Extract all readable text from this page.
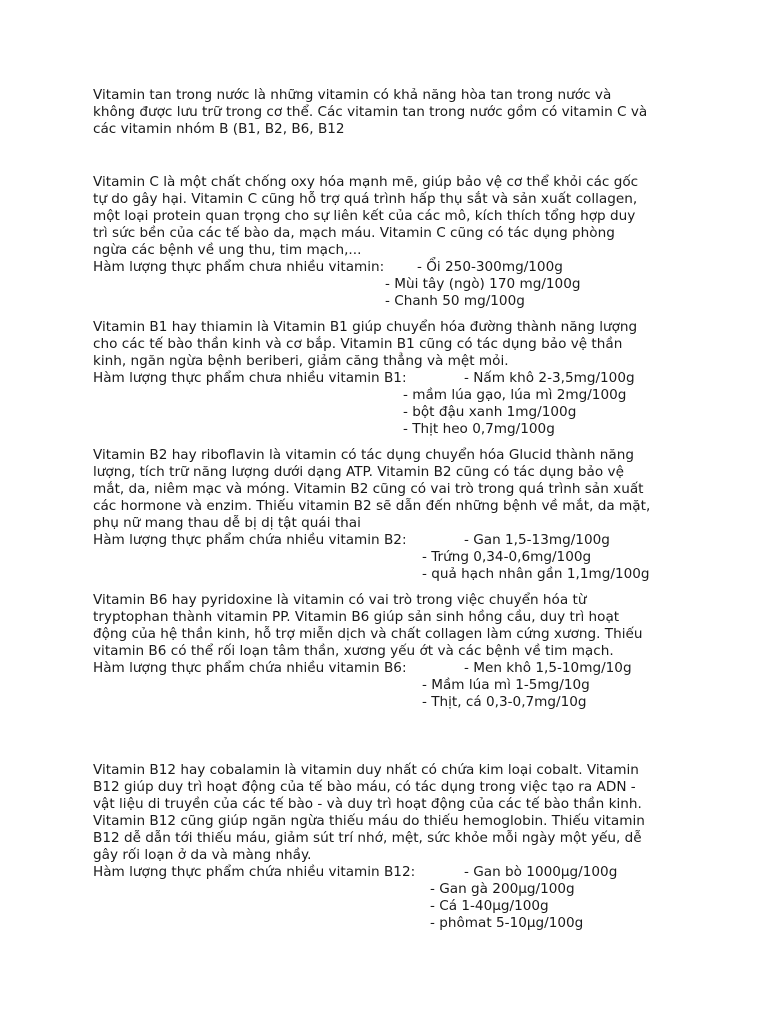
Vitamin tan trong nước là những vitamin có khả năng hòa tan trong nước và

không được lưu trữ trong cơ thể. Các vitamin tan trong nước gồm có vitamin C và

các vitamin nhóm B (B1, B2, B6, B12

Vitamin C là một chất chống oxy hóa mạnh mẽ, giúp bảo vệ cơ thể khỏi các gốc

tự do gây hại. Vitamin C cũng hỗ trợ quá trình hấp thụ sắt và sản xuất collagen,

một loại protein quan trọng cho sự liên kết của các mô, kích thích tổng hợp duy

trì sức bền của các tế bào da, mạch máu. Vitamin C cũng có tác dụng phòng

ngừa các bệnh về ung thu, tim mạch,...

Hàm lượng thực phẩm chưa nhiều vitamin: - Ổi 250-300mg/100g
- Mùi tây (ngò) 170 mg/100g
- Chanh 50 mg/100g

Vitamin B1 hay thiamin là Vitamin B1 giúp chuyển hóa đường thành năng lượng

cho các tế bào thần kinh và cơ bắp. Vitamin B1 cũng có tác dụng bảo vệ thần

kinh, ngăn ngừa bệnh beriberi, giảm căng thẳng và mệt mỏi.

Hàm lượng thực phẩm chưa nhiều vitamin B1:	- Nấm khô 2-3,5mg/100g
- mầm lúa gạo, lúa mì 2mg/100g
- bột đậu xanh 1mg/100g
- Thịt heo 0,7mg/100g

Vitamin B2 hay riboflavin là vitamin có tác dụng chuyển hóa Glucid thành năng

lượng, tích trữ năng lượng dưới dạng ATP. Vitamin B2 cũng có tác dụng bảo vệ

mắt, da, niêm mạc và móng. Vitamin B2 cũng có vai trò trong quá trình sản xuất

các hormone và enzim. Thiếu vitamin B2 sẽ dẫn đến những bệnh về mắt, da mặt,

phụ nữ mang thau dễ bị dị tật quái thai

Hàm lượng thực phẩm chứa nhiều vitamin B2:	- Gan 1,5-13mg/100g
- Trứng 0,34-0,6mg/100g
- quả hạch nhân gần 1,1mg/100g

Vitamin B6 hay pyridoxine là vitamin có vai trò trong việc chuyển hóa từ

tryptophan thành vitamin PP. Vitamin B6 giúp sản sinh hồng cầu, duy trì hoạt

động của hệ thần kinh, hỗ trợ miễn dịch và chất collagen làm cứng xương. Thiếu

vitamin B6 có thể rối loạn tâm thần, xương yếu ớt và các bệnh về tim mạch.

Hàm lượng thực phẩm chứa nhiều vitamin B6:	- Men khô 1,5-10mg/10g
- Mầm lúa mì 1-5mg/10g
- Thịt, cá 0,3-0,7mg/10g

Vitamin B12 hay cobalamin là vitamin duy nhất có chứa kim loại cobalt. Vitamin

B12 giúp duy trì hoạt động của tế bào máu, có tác dụng trong việc tạo ra ADN -

vật liệu di truyền của các tế bào - và duy trì hoạt động của các tế bào thần kinh.

Vitamin B12 cũng giúp ngăn ngừa thiếu máu do thiếu hemoglobin. Thiếu vitamin

B12 dễ dẫn tới thiếu máu, giảm sút trí nhớ, mệt, sức khỏe mỗi ngày một yếu, dễ

gây rối loạn ở da và màng nhầy.

Hàm lượng thực phẩm chứa nhiều vitamin B12:	- Gan bò 1000µg/100g
- Gan gà 200µg/100g
- Cá 1-40µg/100g
- phômat 5-10µg/100g
